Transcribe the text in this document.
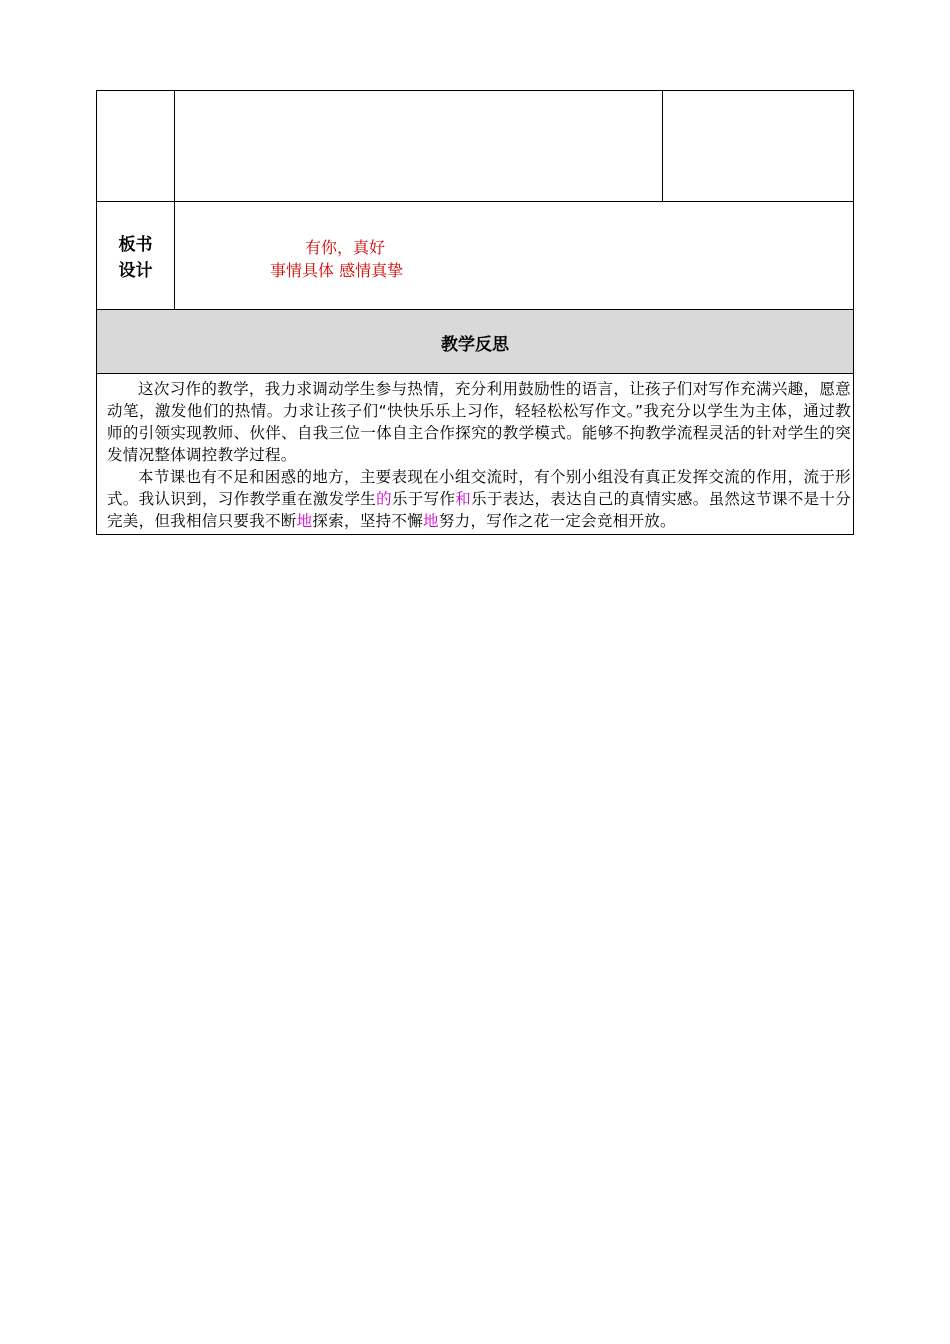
板书
设计
有你，真好
事情具体 感情真挚
教学反思

这次习作的教学，我力求调动学生参与热情，充分利用鼓励性的语言，让孩子们对写作充满兴趣，愿意动笔，激发他们的热情。力求让孩子们“快快乐乐上习作，轻轻松松写作文。”我充分以学生为主体，通过教师的引领实现教师、伙伴、自我三位一体自主合作探究的教学模式。能够不拘教学流程灵活的针对学生的突发情况整体调控教学过程。

本节课也有不足和困惑的地方，主要表现在小组交流时，有个别小组没有真正发挥交流的作用，流于形式。我认识到，习作教学重在激发学生的乐于写作和乐于表达，表达自己的真情实感。虽然这节课不是十分完美，但我相信只要我不断地探索，坚持不懈地努力，写作之花一定会竞相开放。
